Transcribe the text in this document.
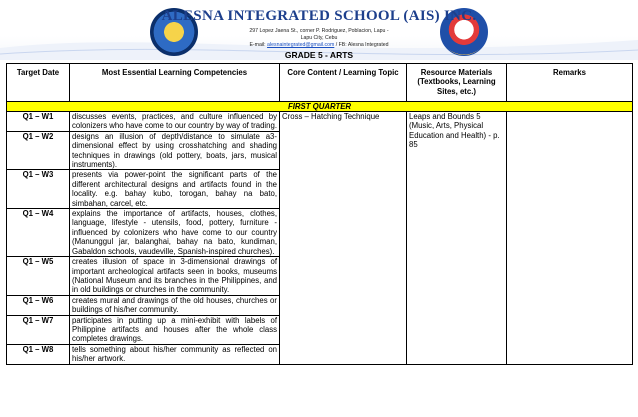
ALESNA INTEGRATED SCHOOL (AIS) INC.
297 Lopez Jaena St., corner P. Rodriguez, Poblacion, Lapu -
Lapu City, Cebu
E-mail: alesnaintegrated@gmail.com / FB: Alesna Integrated
GRADE 5 - ARTS
Target Date	Most Essential Learning Competencies	Core Content / Learning Topic	Resource Materials (Textbooks, Learning Sites, etc.)	Remarks
FIRST QUARTER				
Q1 – W1	discusses events, practices, and culture influenced by colonizers who have come to our country by way of trading.	Cross – Hatching Technique	Leaps and Bounds 5 (Music, Arts, Physical Education and Health) - p. 85	
Q1 – W2	designs an illusion of depth/distance to simulate a3-dimensional effect by using crosshatching and shading techniques in drawings (old pottery, boats, jars, musical instruments).			
Q1 – W3	presents via power-point the significant parts of the different architectural designs and artifacts found in the locality. e.g. bahay kubo, torogan, bahay na bato, simbahan, carcel, etc.			
Q1 – W4	explains the importance of artifacts, houses, clothes, language, lifestyle - utensils, food, pottery, furniture - influenced by colonizers who have come to our country (Manunggul jar, balanghai, bahay na bato, kundiman, Gabaldon schools, vaudeville, Spanish-inspired churches).			
Q1 – W5	creates illusion of space in 3-dimensional drawings of important archeological artifacts seen in books, museums (National Museum and its branches in the Philippines, and in old buildings or churches in the community.			
Q1 – W6	creates mural and drawings of the old houses, churches or buildings of his/her community.			
Q1 – W7	participates in putting up a mini-exhibit with labels of Philippine artifacts and houses after the whole class completes drawings.			
Q1 – W8	tells something about his/her community as reflected on his/her artwork.			
